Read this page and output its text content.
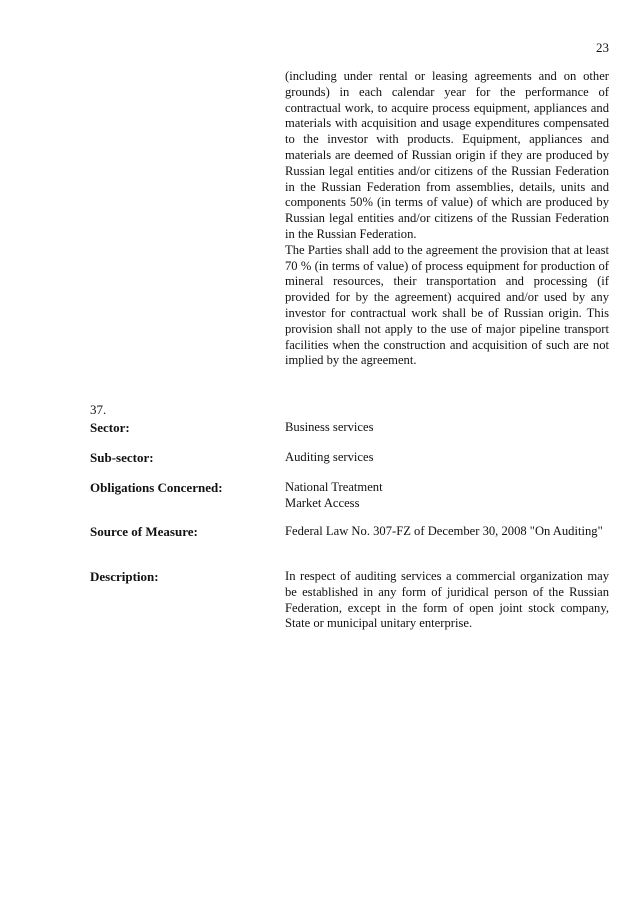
23

(including under rental or leasing agreements and on other grounds) in each calendar year for the performance of contractual work, to acquire process equipment, appliances and materials with acquisition and usage expenditures compensated to the investor with products. Equipment, appliances and materials are deemed of Russian origin if they are produced by Russian legal entities and/or citizens of the Russian Federation in the Russian Federation from assemblies, details, units and components 50% (in terms of value) of which are produced by Russian legal entities and/or citizens of the Russian Federation in the Russian Federation.

The Parties shall add to the agreement the provision that at least 70 % (in terms of value) of process equipment for production of mineral resources, their transportation and processing (if provided for by the agreement) acquired and/or used by any investor for contractual work shall be of Russian origin. This provision shall not apply to the use of major pipeline transport facilities when the construction and acquisition of such are not implied by the agreement.

37.
Sector:	Business services
Sub-sector:	Auditing services
Obligations Concerned:	National Treatment
Market Access
Source of Measure:	Federal Law No. 307-FZ of December 30, 2008 "On Auditing"
Description:	In respect of auditing services a commercial organization may be established in any form of juridical person of the Russian Federation, except in the form of open joint stock company, State or municipal unitary enterprise.
